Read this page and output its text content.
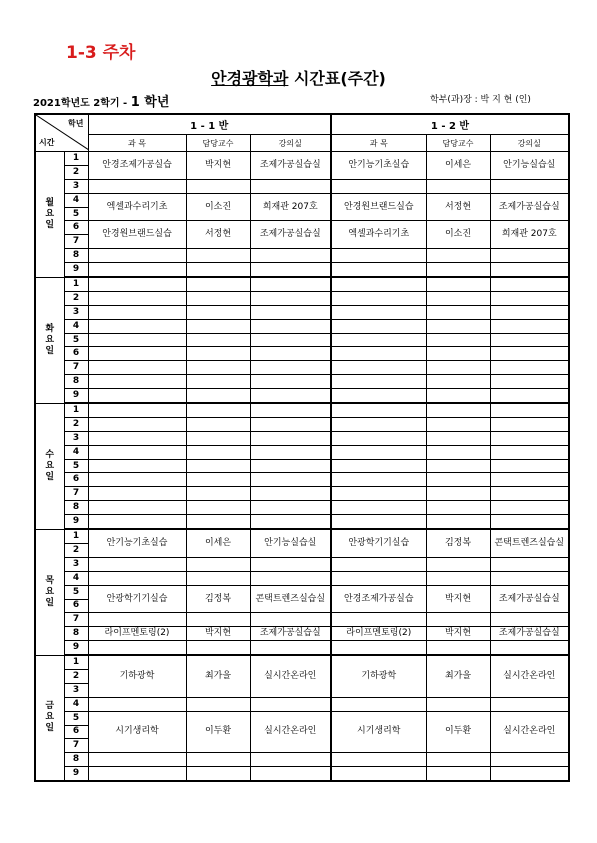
1-3 주차
안경광학과 시간표(주간)
2021학년도 2학기 - 1 학년	학부(과)장 : 박 지 현 (인)
학년
시간		1 - 1 반			1 - 2 반		
		과 목	담당교수	강의실	과 목	담당교수	강의실

월
요
일	1	안경조제가공실습	박지현	조제가공실습실	안기능기초실습	이세은	안기능실습실
	2						
	3						
	4	엑셀과수리기초	이소진	희재관 207호	안경원브랜드실습	서정현	조제가공실습실
	5						
	6	안경원브랜드실습	서정현	조제가공실습실	엑셀과수리기초	이소진	희재관 207호
	7						
	8						
	9						

화
요
일	1						
	2						
	3						
	4						
	5						
	6						
	7						
	8						
	9						

수
요
일	1						
	2						
	3						
	4						
	5						
	6						
	7						
	8						
	9						

목
요
일	1	안기능기초실습	이세은	안기능실습실	안광학기기실습	김정복	콘택트렌즈실습실
	2						
	3						
	4						
	5	안광학기기실습	김정복	콘택트렌즈실습실	안경조제가공실습	박지현	조제가공실습실
	6						
	7						
	8	라이프멘토링(2)	박지현	조제가공실습실	라이프멘토링(2)	박지현	조제가공실습실
	9						

금
요
일	1	기하광학	최가을	실시간온라인	기하광학	최가을	실시간온라인
	2						
	3						
	4						
	5	시기생리학	이두환	실시간온라인	시기생리학	이두환	실시간온라인
	6						
	7						
	8						
	9						
